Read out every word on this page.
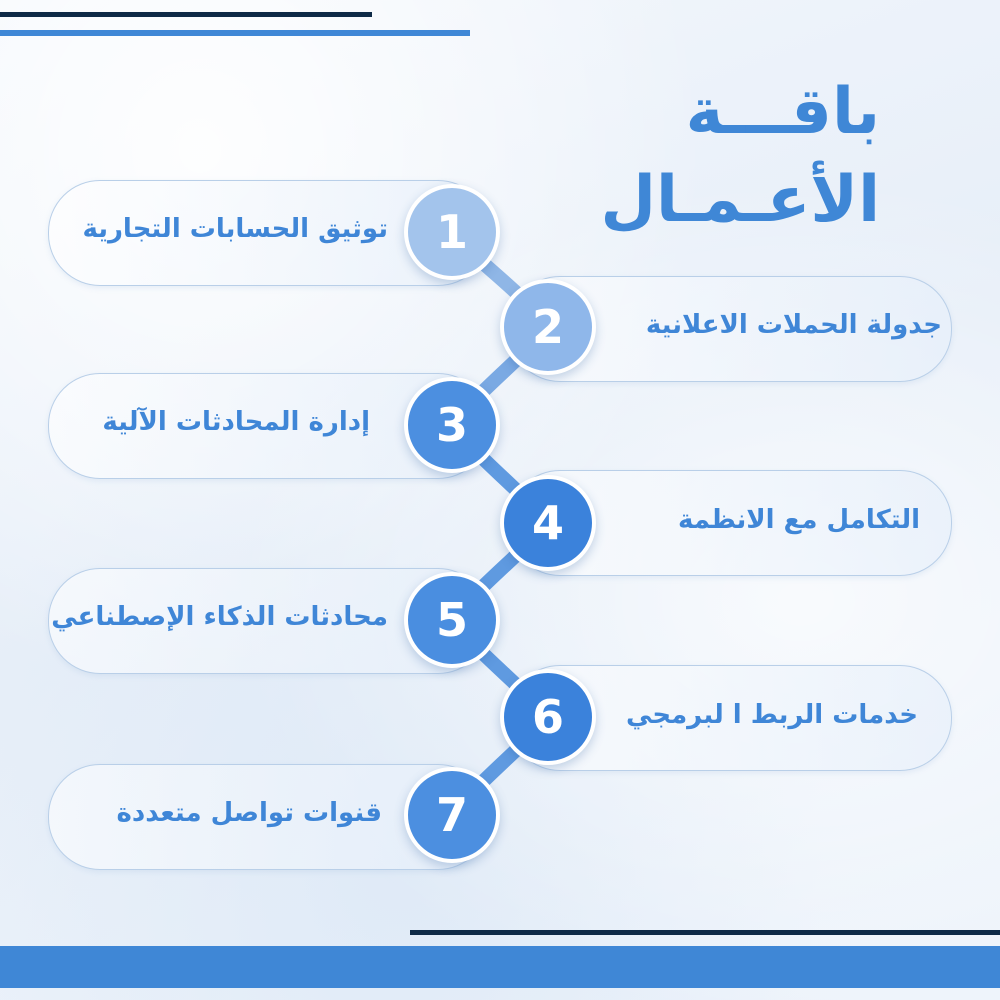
باقـــة
الأعـمـال
توثيق الحسابات التجارية	1
جدولة الحملات الاعلانية
2
إدارة المحادثات الآلية	3
التكامل مع الانظمة
4
محادثات الذكاء الإصطناعي	5
خدمات الربط ا لبرمجي
6
قنوات تواصل متعددة	7
